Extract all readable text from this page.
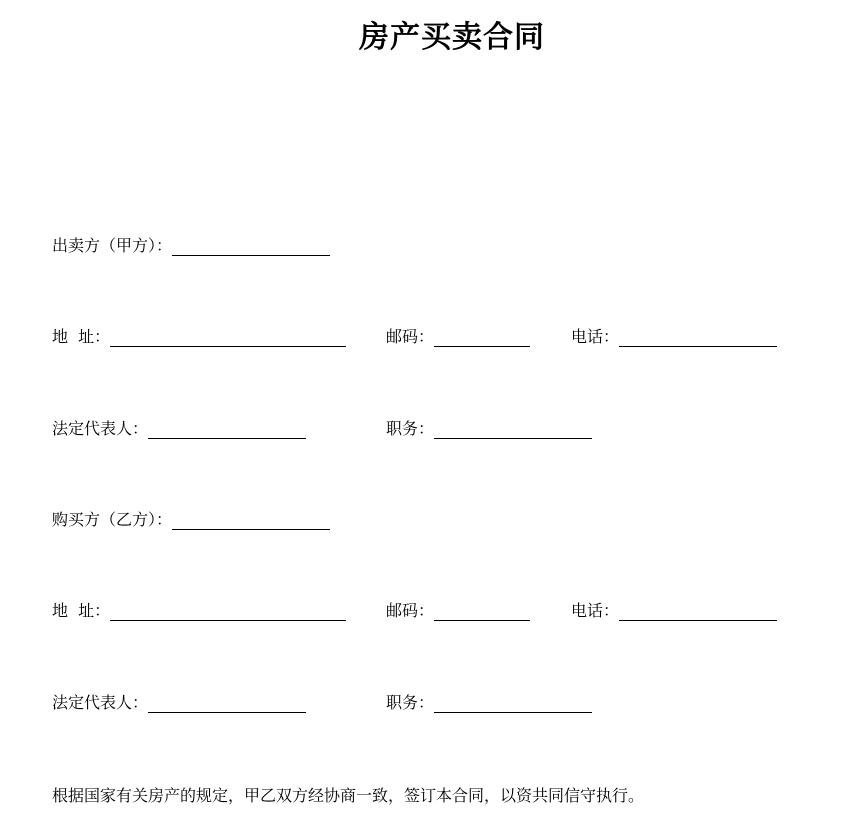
房产买卖合同
出卖方（甲方）：
地  址：	邮码：	电话：
法定代表人：	职务：
购买方（乙方）：
地  址：	邮码：	电话：
法定代表人：	职务：
根据国家有关房产的规定，甲乙双方经协商一致，签订本合同，以资共同信守执行。
